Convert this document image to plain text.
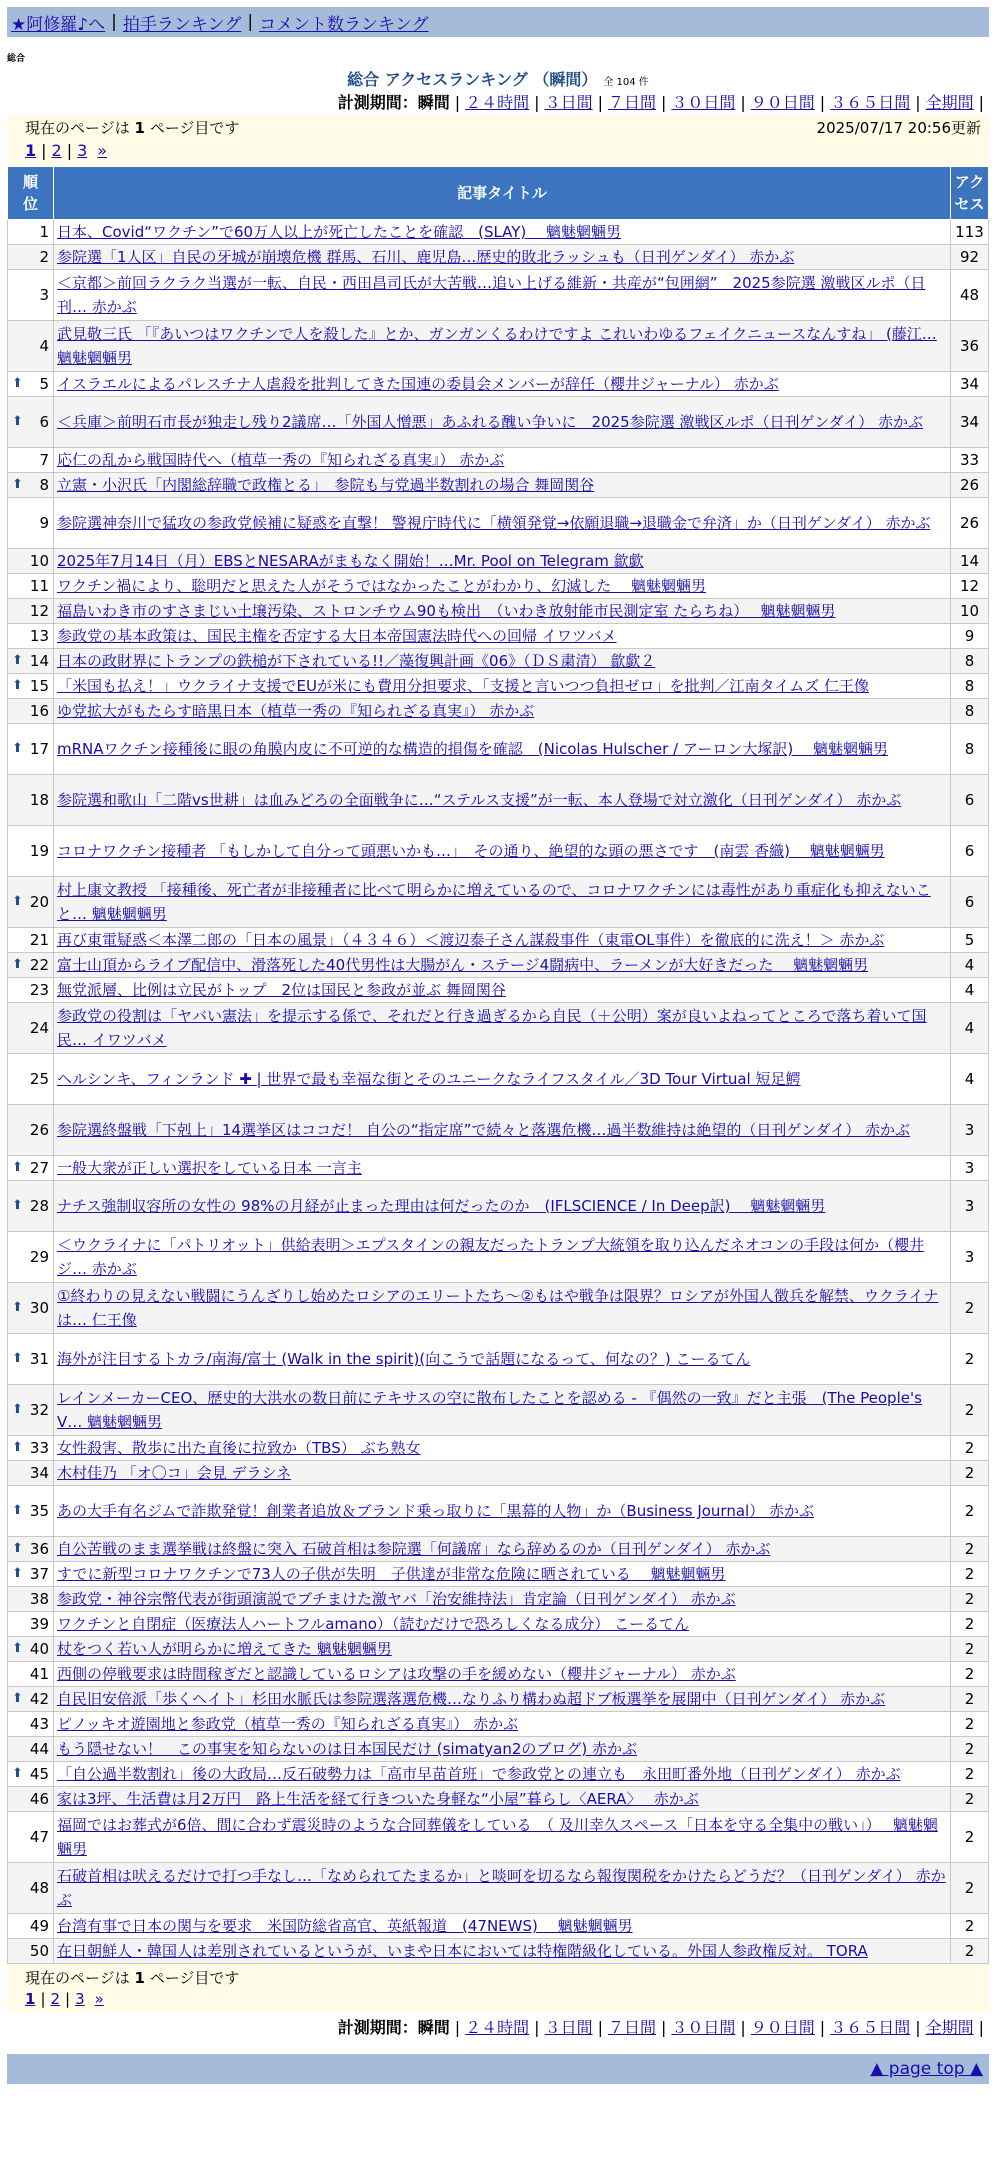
★阿修羅♪へ | 拍手ランキング | コメント数ランキング
総合
総合 アクセスランキング （瞬間） 全 104 件
計測期間：瞬間 | ２４時間 | ３日間 | ７日間 | ３０日間 | ９０日間 | ３６５日間 | 全期間 |
現在のページは 1 ページ目です	2025/07/17 20:56更新
1 | 2 | 3 »
順
位	記事タイトル	アク
セス
1	日本、Covid“ワクチン”で60万人以上が死亡したことを確認　(SLAY)　 魑魅魍魎男	113
2	参院選「1人区」自民の牙城が崩壊危機 群馬、石川、鹿児島…歴史的敗北ラッシュも（日刊ゲンダイ） 赤かぶ	92
3	＜京都＞前回ラクラク当選が一転、自民・西田昌司氏が大苦戦…追い上げる維新・共産が“包囲網”　2025参院選 激戦区ルポ（日刊… 赤かぶ	48
4	武見敬三氏 「『あいつはワクチンで人を殺した』とか、ガンガンくるわけですよ これいわゆるフェイクニュースなんすね」 (藤江… 魑魅魍魎男	36

⬆ 5	イスラエルによるパレスチナ人虐殺を批判してきた国連の委員会メンバーが辞任（櫻井ジャーナル） 赤かぶ	34

⬆ 6	＜兵庫＞前明石市長が独走し残り2議席…「外国人憎悪」あふれる醜い争いに　2025参院選 激戦区ルポ（日刊ゲンダイ） 赤かぶ	34
7	応仁の乱から戦国時代へ（植草一秀の『知られざる真実』） 赤かぶ	33

⬆ 8	立憲・小沢氏「内閣総辞職で政権とる」　参院も与党過半数割れの場合 舞岡関谷	26
9	参院選神奈川で猛攻の参政党候補に疑惑を直撃！ 警視庁時代に「横領発覚→依願退職→退職金で弁済」か（日刊ゲンダイ） 赤かぶ	26
10	2025年7月14日（月）EBSとNESARAがまもなく開始！…Mr. Pool on Telegram 歙歔	14
11	ワクチン禍により、聡明だと思えた人がそうではなかったことがわかり、幻滅した　 魑魅魍魎男	12
12	福島いわき市のすさまじい土壌汚染、ストロンチウム90も検出　（いわき放射能市民測定室 たらちね）　 魑魅魍魎男	10
13	参政党の基本政策は、国民主権を否定する大日本帝国憲法時代への回帰 イワツバメ	9

⬆ 14	日本の政財界にトランプの鉄槌が下されている!!／藻復興計画《06》（ＤＳ粛清） 歙歔２	8

⬆ 15	「米国も払え！」ウクライナ支援でEUが米にも費用分担要求、「支援と言いつつ負担ゼロ」を批判／江南タイムズ 仁王像	8
16	ゆ党拡大がもたらす暗黒日本（植草一秀の『知られざる真実』） 赤かぶ	8

⬆ 17	mRNAワクチン接種後に眼の角膜内皮に不可逆的な構造的損傷を確認　(Nicolas Hulscher / アーロン大塚訳)　 魑魅魍魎男	8
18	参院選和歌山「二階vs世耕」は血みどろの全面戦争に…“ステルス支援”が一転、本人登場で対立激化（日刊ゲンダイ） 赤かぶ	6
19	コロナワクチン接種者 「もしかして自分って頭悪いかも…」　その通り、絶望的な頭の悪さです　(南雲 香織)　 魑魅魍魎男	6

⬆ 20	村上康文教授 「接種後、死亡者が非接種者に比べて明らかに増えているので、コロナワクチンには毒性があり重症化も抑えないこと… 魑魅魍魎男	6
21	再び東電疑惑＜本澤二郎の「日本の風景」（４３４６）＜渡辺泰子さん謀殺事件（東電OL事件）を徹底的に洗え！＞ 赤かぶ	5

⬆ 22	富士山頂からライブ配信中、滑落死した40代男性は大腸がん・ステージ4闘病中、ラーメンが大好きだった　 魑魅魍魎男	4
23	無党派層、比例は立民がトップ　2位は国民と参政が並ぶ 舞岡関谷	4
24	参政党の役割は「ヤバい憲法」を提示する係で、それだと行き過ぎるから自民（＋公明）案が良いよねってところで落ち着いて国民… イワツバメ	4
25	ヘルシンキ、フィンランド ✚ | 世界で最も幸福な街とそのユニークなライフスタイル／3D Tour Virtual 短足鰐	4
26	参院選終盤戦「下剋上」14選挙区はココだ！ 自公の“指定席”で続々と落選危機…過半数維持は絶望的（日刊ゲンダイ） 赤かぶ	3

⬆ 27	一般大衆が正しい選択をしている日本 一言主	3

⬆ 28	ナチス強制収容所の女性の 98%の月経が止まった理由は何だったのか　(IFLSCIENCE / In Deep訳)　 魑魅魍魎男	3
29	＜ウクライナに「パトリオット」供給表明＞エプスタインの親友だったトランプ大統領を取り込んだネオコンの手段は何か（櫻井ジ… 赤かぶ	3

⬆ 30	①終わりの見えない戦闘にうんざりし始めたロシアのエリートたち～②もはや戦争は限界？ロシアが外国人徴兵を解禁、ウクライナは… 仁王像	2

⬆ 31	海外が注目するトカラ/南海/富士 (Walk in the spirit)(向こうで話題になるって、何なの？) こーるてん	2

⬆ 32	レインメーカーCEO、歴史的大洪水の数日前にテキサスの空に散布したことを認める - 『偶然の一致』だと主張　(The People's V… 魑魅魍魎男	2

⬆ 33	女性殺害、散歩に出た直後に拉致か（TBS） ぶち熟女	2
34	木村佳乃 「オ〇コ」会見 デラシネ	2

⬆ 35	あの大手有名ジムで詐欺発覚！創業者追放＆ブランド乗っ取りに「黒幕的人物」か（Business Journal） 赤かぶ	2

⬆ 36	自公苦戦のまま選挙戦は終盤に突入 石破首相は参院選「何議席」なら辞めるのか（日刊ゲンダイ） 赤かぶ	2

⬆ 37	すでに新型コロナワクチンで73人の子供が失明　子供達が非常な危険に晒されている　 魑魅魍魎男	2
38	参政党・神谷宗幣代表が街頭演説でブチまけた激ヤバ「治安維持法」肯定論（日刊ゲンダイ） 赤かぶ	2
39	ワクチンと自閉症（医療法人ハートフルamano）（読むだけで恐ろしくなる成分） こーるてん	2

⬆ 40	杖をつく若い人が明らかに増えてきた 魑魅魍魎男	2
41	西側の停戦要求は時間稼ぎだと認識しているロシアは攻撃の手を緩めない（櫻井ジャーナル） 赤かぶ	2

⬆ 42	自民旧安倍派「歩くヘイト」杉田水脈氏は参院選落選危機…なりふり構わぬ超ドブ板選挙を展開中（日刊ゲンダイ） 赤かぶ	2
43	ピノッキオ遊園地と参政党（植草一秀の『知られざる真実』） 赤かぶ	2
44	もう隠せない！　この事実を知らないのは日本国民だけ (simatyan2のブログ) 赤かぶ	2

⬆ 45	「自公過半数割れ」後の大政局…反石破勢力は「高市早苗首班」で参政党との連立も　永田町番外地（日刊ゲンダイ） 赤かぶ	2
46	家は3坪、生活費は月2万円　路上生活を経て行きついた身軽な“小屋”暮らし〈AERA〉　 赤かぶ	2
47	福岡ではお葬式が6倍、間に合わず震災時のような合同葬儀をしている　（ 及川幸久スペース「日本を守る全集中の戦い」）　 魑魅魍魎男	2
48	石破首相は吠えるだけで打つ手なし…「なめられてたまるか」と啖呵を切るなら報復関税をかけたらどうだ？（日刊ゲンダイ） 赤かぶ	2
49	台湾有事で日本の関与を要求　米国防総省高官、英紙報道　(47NEWS)　 魑魅魍魎男	2
50	在日朝鮮人・韓国人は差別されているというが、いまや日本においては特権階級化している。外国人参政権反対。 TORA	2
現在のページは 1 ページ目です
1 | 2 | 3 »
計測期間：瞬間 | ２４時間 | ３日間 | ７日間 | ３０日間 | ９０日間 | ３６５日間 | 全期間 |
▲ page top ▲
